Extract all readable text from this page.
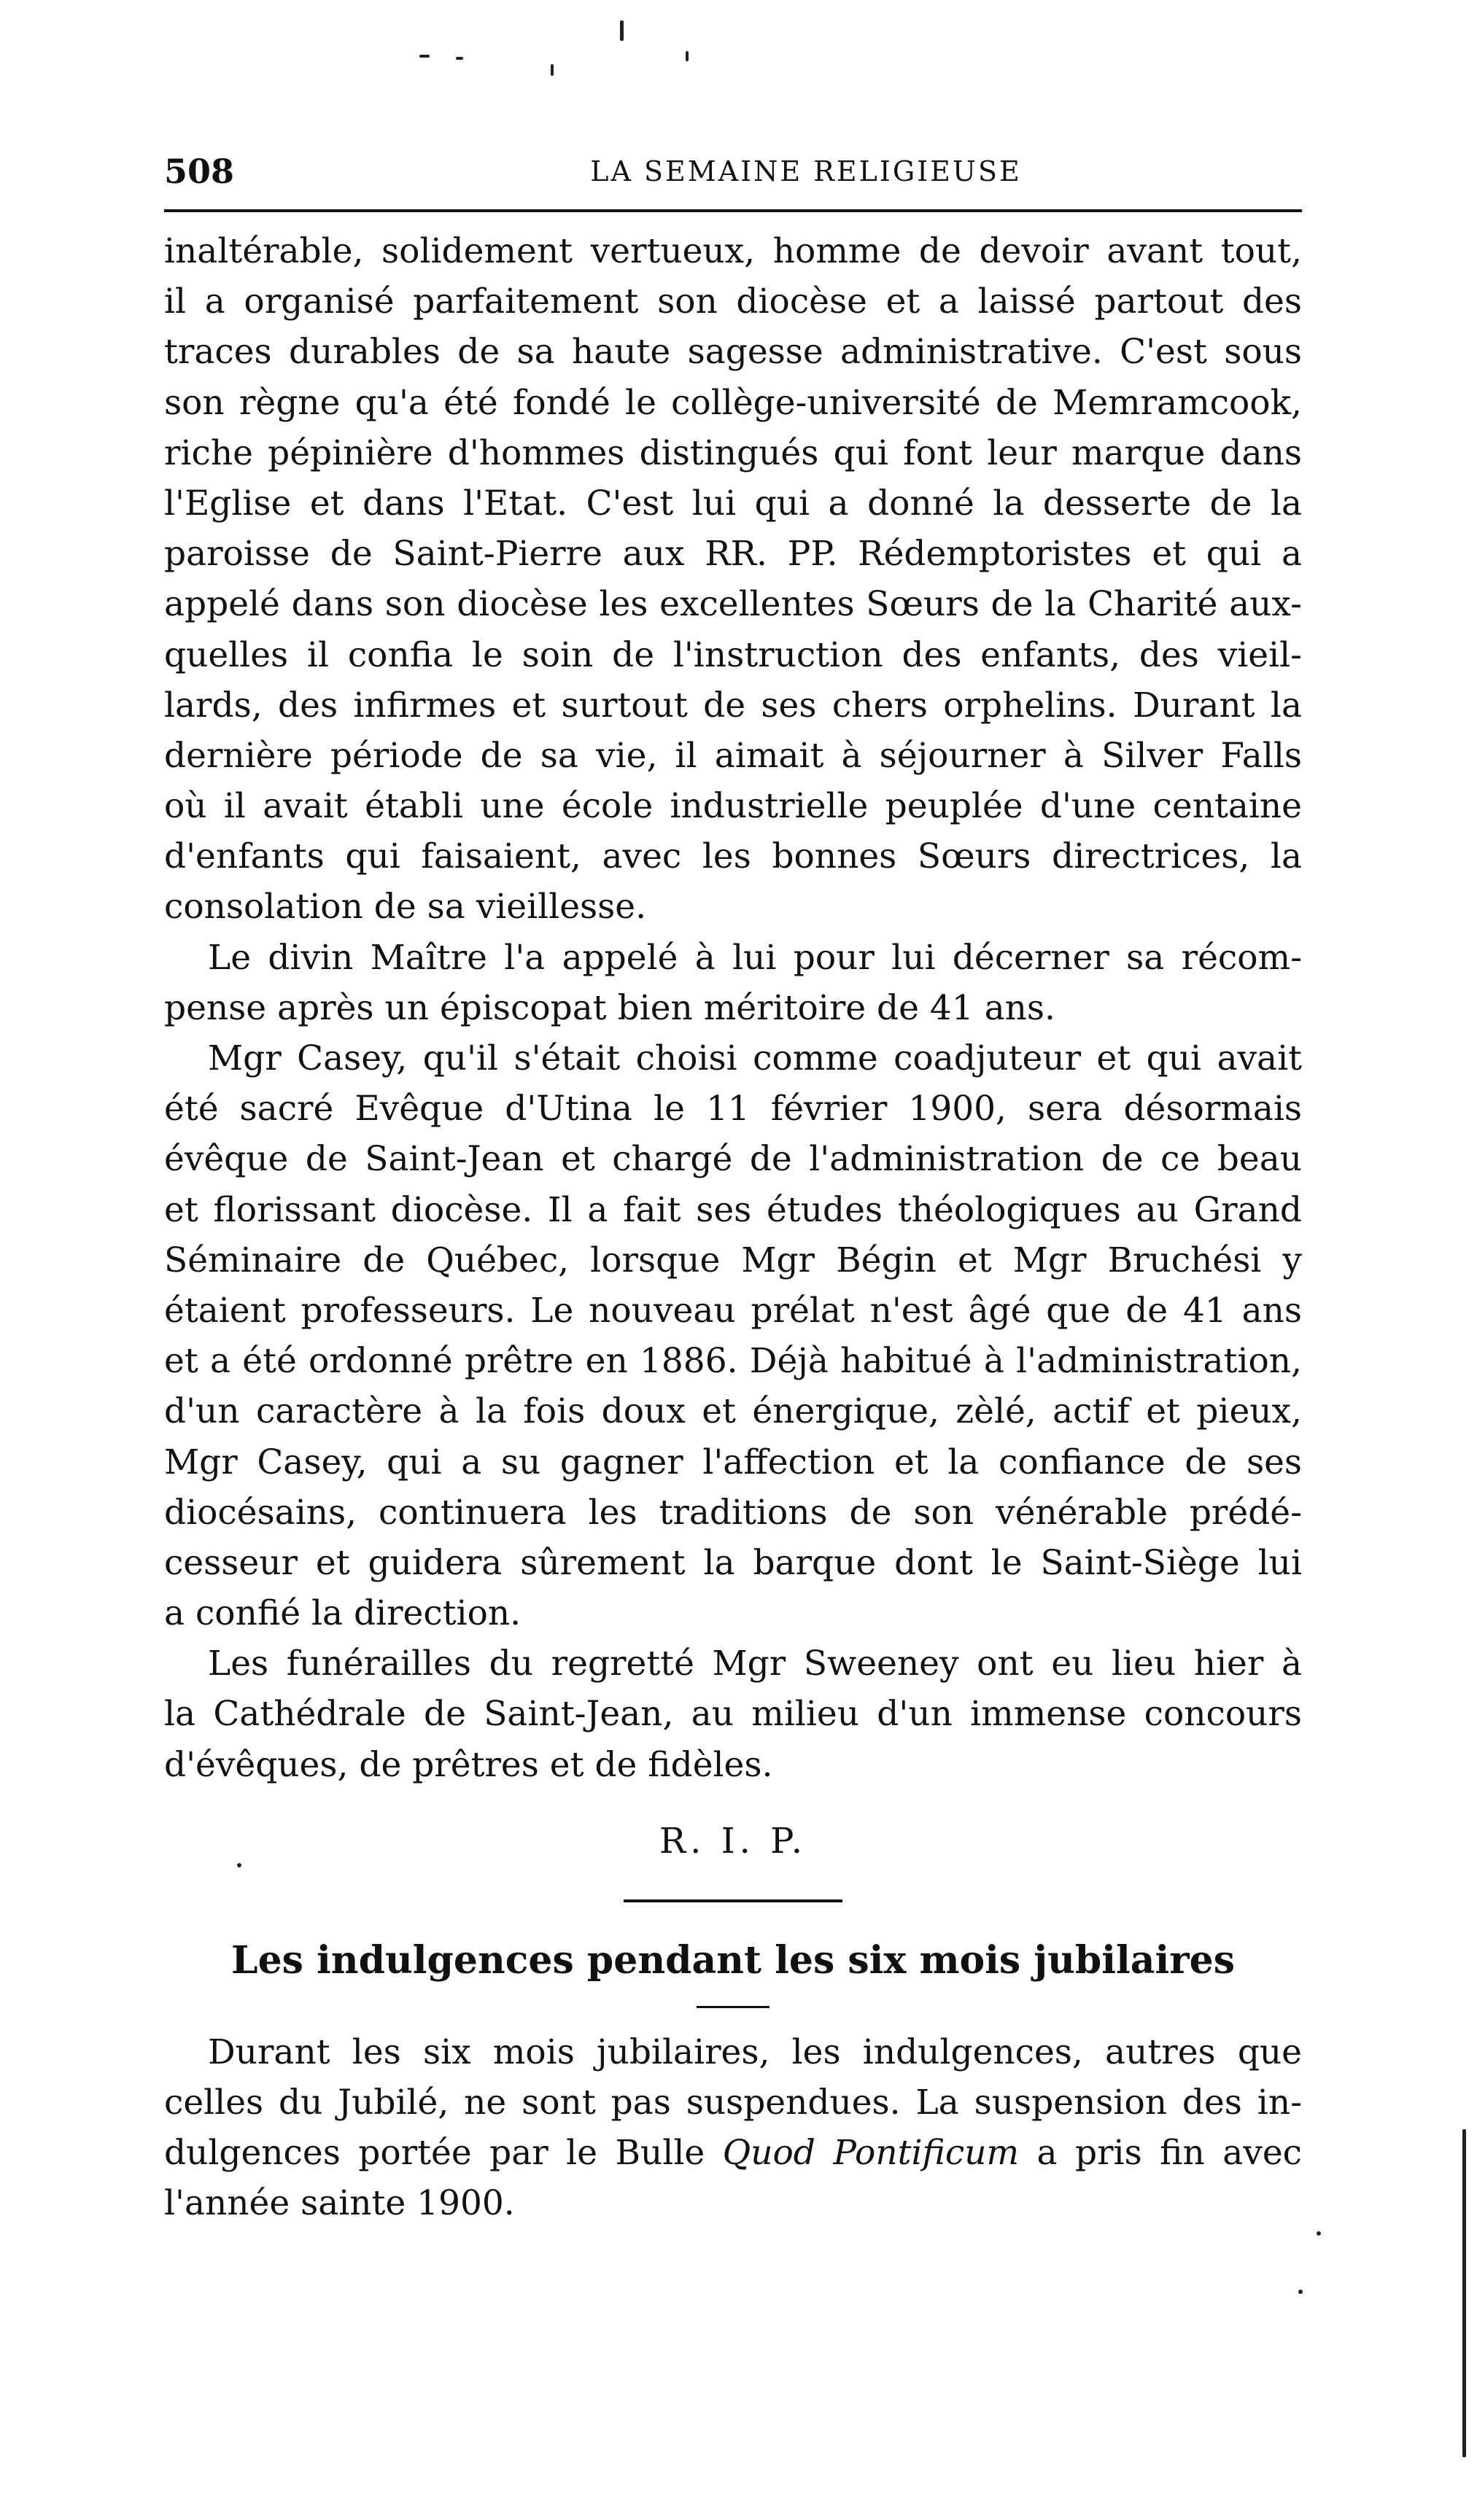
508	LA SEMAINE RELIGIEUSE
inaltérable, solidement vertueux, homme de devoir avant tout,
il a organisé parfaitement son diocèse et a laissé partout des
traces durables de sa haute sagesse administrative. C'est sous
son règne qu'a été fondé le collège-université de Memramcook,
riche pépinière d'hommes distingués qui font leur marque dans
l'Eglise et dans l'Etat. C'est lui qui a donné la desserte de la
paroisse de Saint-Pierre aux RR. PP. Rédemptoristes et qui a
appelé dans son diocèse les excellentes Sœurs de la Charité aux-
quelles il confia le soin de l'instruction des enfants, des vieil-
lards, des infirmes et surtout de ses chers orphelins. Durant la
dernière période de sa vie, il aimait à séjourner à Silver Falls
où il avait établi une école industrielle peuplée d'une centaine
d'enfants qui faisaient, avec les bonnes Sœurs directrices, la
consolation de sa vieillesse.
Le divin Maître l'a appelé à lui pour lui décerner sa récom-
pense après un épiscopat bien méritoire de 41 ans.
Mgr Casey, qu'il s'était choisi comme coadjuteur et qui avait
été sacré Evêque d'Utina le 11 février 1900, sera désormais
évêque de Saint-Jean et chargé de l'administration de ce beau
et florissant diocèse. Il a fait ses études théologiques au Grand
Séminaire de Québec, lorsque Mgr Bégin et Mgr Bruchési y
étaient professeurs. Le nouveau prélat n'est âgé que de 41 ans
et a été ordonné prêtre en 1886. Déjà habitué à l'administration,
d'un caractère à la fois doux et énergique, zèlé, actif et pieux,
Mgr Casey, qui a su gagner l'affection et la confiance de ses
diocésains, continuera les traditions de son vénérable prédé-
cesseur et guidera sûrement la barque dont le Saint-Siège lui
a confié la direction.
Les funérailles du regretté Mgr Sweeney ont eu lieu hier à
la Cathédrale de Saint-Jean, au milieu d'un immense concours
d'évêques, de prêtres et de fidèles.
R. I. P.
Les indulgences pendant les six mois jubilaires
Durant les six mois jubilaires, les indulgences, autres que
celles du Jubilé, ne sont pas suspendues. La suspension des in-
dulgences portée par le Bulle Quod Pontificum a pris fin avec
l'année sainte 1900.
